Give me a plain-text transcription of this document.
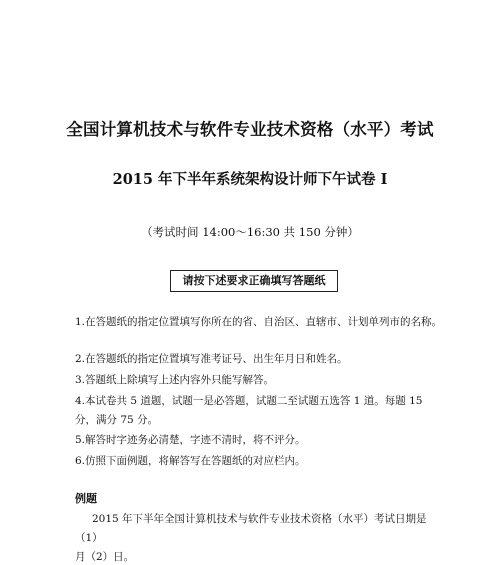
全国计算机技术与软件专业技术资格（水平）考试
2015 年下半年系统架构设计师下午试卷 I
（考试时间 14:00～16:30 共 150 分钟）
请按下述要求正确填写答题纸
1.在答题纸的指定位置填写你所在的省、自治区、直辖市、计划单列市的名称。
2.在答题纸的指定位置填写准考证号、出生年月日和姓名。
3.答题纸上除填写上述内容外只能写解答。
4.本试卷共 5 道题，试题一是必答题，试题二至试题五选答 1 道。每题 15 分，满分 75 分。
5.解答时字迹务必清楚，字迹不清时，将不评分。
6.仿照下面例题，将解答写在答题纸的对应栏内。
例题
2015 年下半年全国计算机技术与软件专业技术资格（水平）考试日期是
（1）
月（2）日。
